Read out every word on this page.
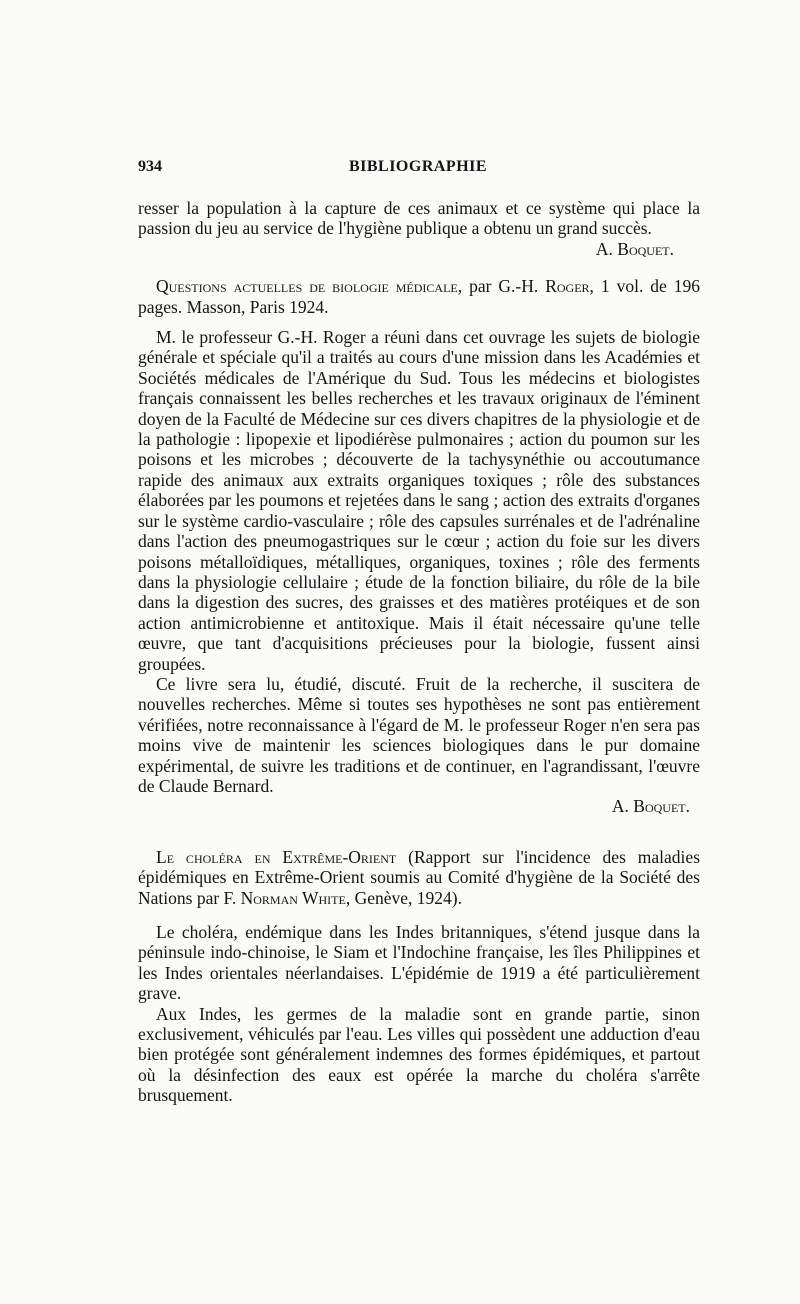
934	BIBLIOGRAPHIE

resser la population à la capture de ces animaux et ce système qui place la passion du jeu au service de l'hygiène publique a obtenu un grand succès.

A. Boquet.

Questions actuelles de biologie médicale, par G.-H. Roger, 1 vol. de 196 pages. Masson, Paris 1924.

M. le professeur G.-H. Roger a réuni dans cet ouvrage les sujets de biologie générale et spéciale qu'il a traités au cours d'une mission dans les Académies et Sociétés médicales de l'Amérique du Sud. Tous les médecins et biologistes français connaissent les belles recherches et les travaux originaux de l'éminent doyen de la Faculté de Médecine sur ces divers chapitres de la physiologie et de la pathologie : lipopexie et lipodiérèse pulmonaires ; action du poumon sur les poisons et les microbes ; découverte de la tachysynéthie ou accoutumance rapide des animaux aux extraits organiques toxiques ; rôle des substances élaborées par les poumons et rejetées dans le sang ; action des extraits d'organes sur le système cardio-vasculaire ; rôle des capsules surrénales et de l'adrénaline dans l'action des pneumogastriques sur le cœur ; action du foie sur les divers poisons métalloïdiques, métalliques, organiques, toxines ; rôle des ferments dans la physiologie cellulaire ; étude de la fonction biliaire, du rôle de la bile dans la digestion des sucres, des graisses et des matières protéiques et de son action antimicrobienne et antitoxique. Mais il était nécessaire qu'une telle œuvre, que tant d'acquisitions précieuses pour la biologie, fussent ainsi groupées.

Ce livre sera lu, étudié, discuté. Fruit de la recherche, il suscitera de nouvelles recherches. Même si toutes ses hypothèses ne sont pas entièrement vérifiées, notre reconnaissance à l'égard de M. le professeur Roger n'en sera pas moins vive de maintenir les sciences biologiques dans le pur domaine expérimental, de suivre les traditions et de continuer, en l'agrandissant, l'œuvre de Claude Bernard.

A. Boquet.

Le choléra en Extrême-Orient (Rapport sur l'incidence des maladies épidémiques en Extrême-Orient soumis au Comité d'hygiène de la Société des Nations par F. Norman White, Genève, 1924).

Le choléra, endémique dans les Indes britanniques, s'étend jusque dans la péninsule indo-chinoise, le Siam et l'Indochine française, les îles Philippines et les Indes orientales néerlandaises. L'épidémie de 1919 a été particulièrement grave.

Aux Indes, les germes de la maladie sont en grande partie, sinon exclusivement, véhiculés par l'eau. Les villes qui possèdent une adduction d'eau bien protégée sont généralement indemnes des formes épidémiques, et partout où la désinfection des eaux est opérée la marche du choléra s'arrête brusquement.
